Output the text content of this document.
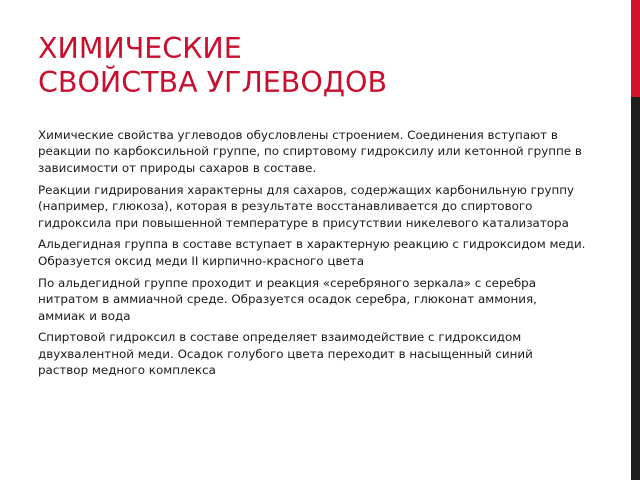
ХИМИЧЕСКИЕ
СВОЙСТВА УГЛЕВОДОВ

Химические свойства углеводов обусловлены строением. Соединения вступают в реакции по карбоксильной группе, по спиртовому гидроксилу или кетонной группе в зависимости от природы сахаров в составе.

Реакции гидрирования характерны для сахаров, содержащих карбонильную группу (например, глюкоза), которая в результате восстанавливается до спиртового гидроксила при повышенной температуре в присутствии никелевого катализатора

Альдегидная группа в составе вступает в характерную реакцию с гидроксидом меди. Образуется оксид меди II кирпично-красного цвета

По альдегидной группе проходит и реакция «серебряного зеркала» с серебра нитратом в аммиачной среде. Образуется осадок серебра, глюконат аммония, аммиак и вода

Спиртовой гидроксил в составе определяет взаимодействие с гидроксидом двухвалентной меди. Осадок голубого цвета переходит в насыщенный синий раствор медного комплекса
